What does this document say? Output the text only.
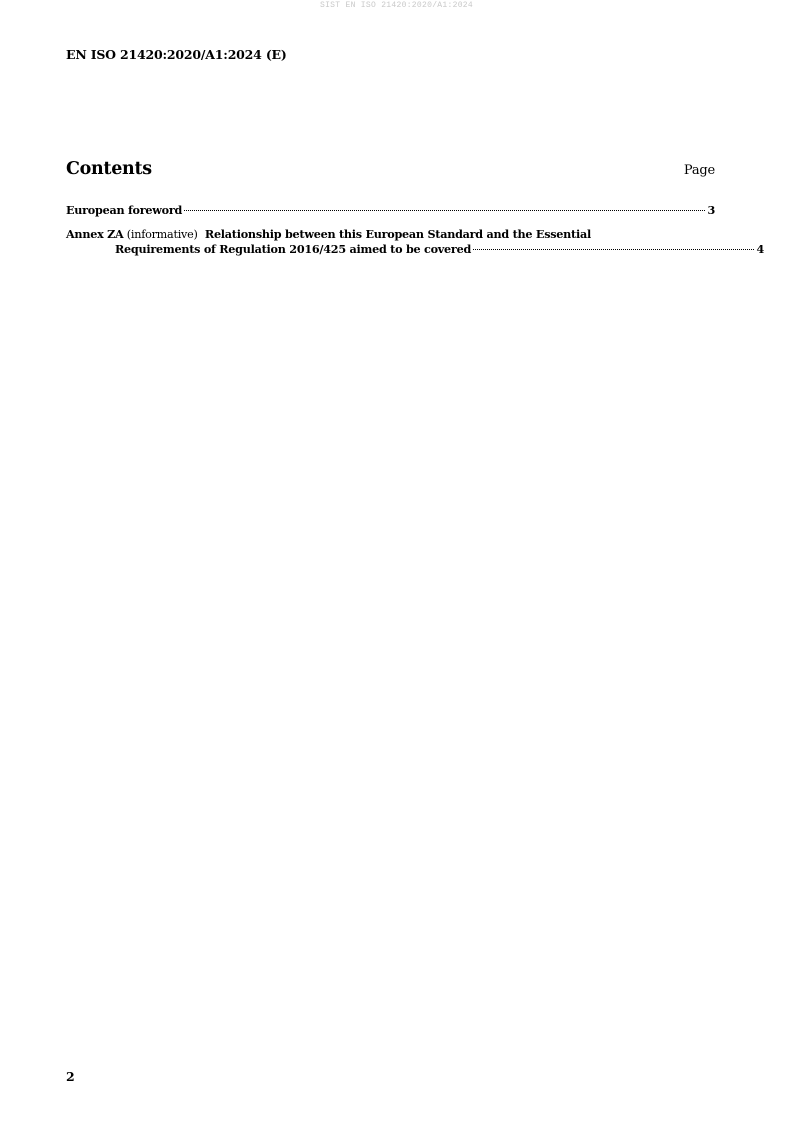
SIST EN ISO 21420:2020/A1:2024
EN ISO 21420:2020/A1:2024 (E)
Contents	Page
European foreword	3
Annex ZA (informative) Relationship between this European Standard and the Essential
Requirements of Regulation 2016/425 aimed to be covered	4
2
